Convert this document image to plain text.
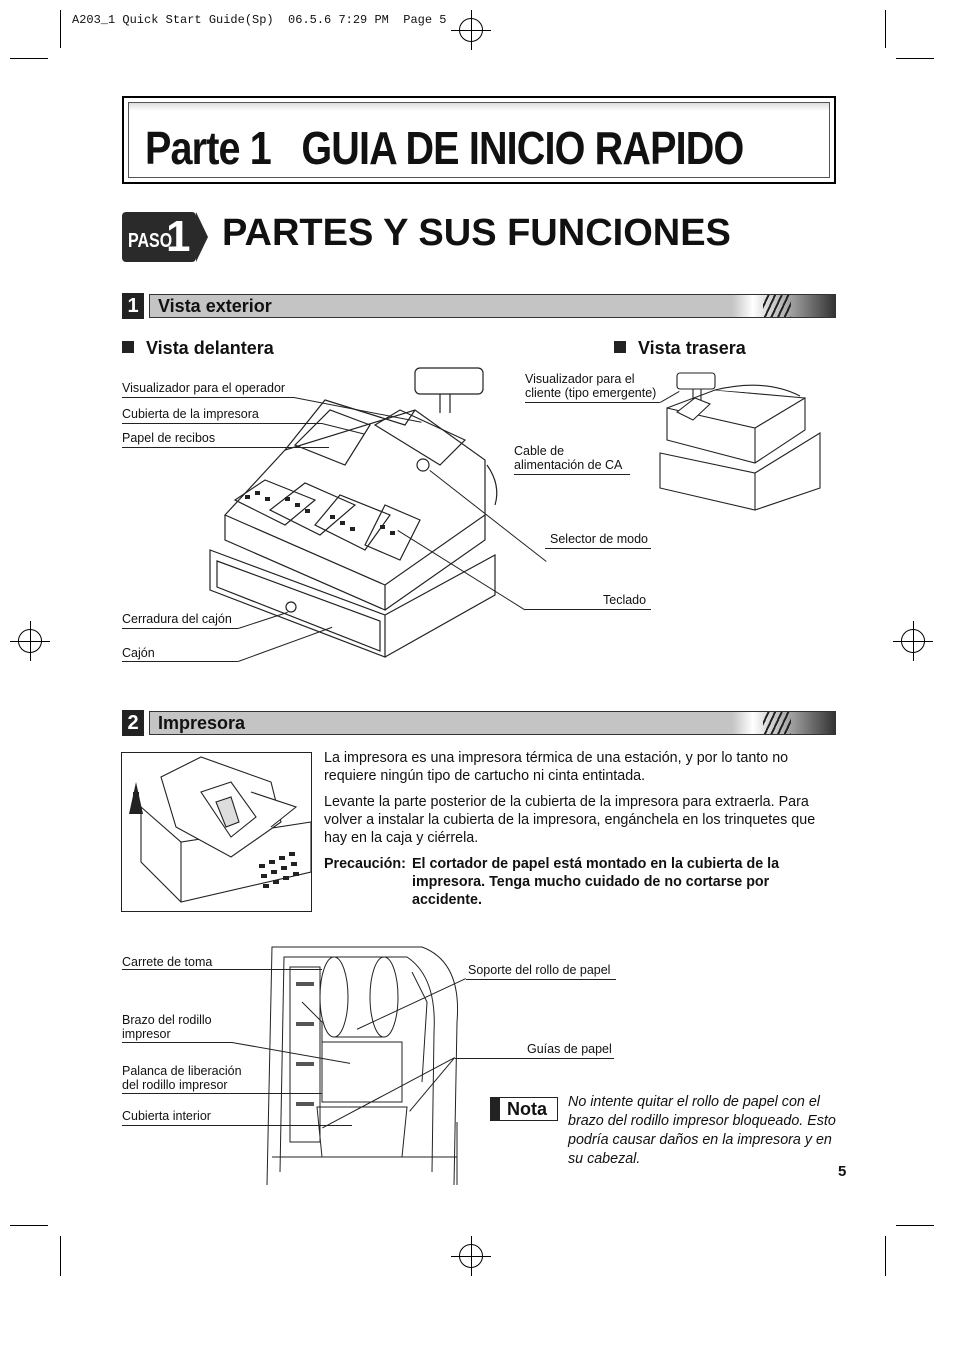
A203_1 Quick Start Guide(Sp)  06.5.6 7:29 PM  Page 5
Parte 1   GUIA DE INICIO RAPIDO
PASO
1 PARTES Y SUS FUNCIONES
1	Vista exterior
Vista delantera	Vista trasera
Visualizador para el operador
Cubierta de la impresora
Papel de recibos
Cable de
alimentación de CA
Selector de modo
Teclado
Cerradura del cajón
Cajón
Visualizador para el
cliente (tipo emergente)
2	Impresora
La impresora es una impresora térmica de una estación, y por lo tanto no requiere ningún tipo de cartucho ni cinta entintada.
Levante la parte posterior de la cubierta de la impresora para extraerla. Para volver a instalar la cubierta de la impresora, engánchela en los trinquetes que hay en la caja y ciérrela.
Precaución: El cortador de papel está montado en la cubierta de la impresora. Tenga mucho cuidado de no cortarse por accidente.
Carrete de toma
Brazo del rodillo
impresor
Palanca de liberación
del rodillo impresor
Cubierta interior
Soporte del rollo de papel
Guías de papel
Nota No intente quitar el rollo de papel con el brazo del rodillo impresor bloqueado. Esto podría causar daños en la impresora y en su cabezal.
5
